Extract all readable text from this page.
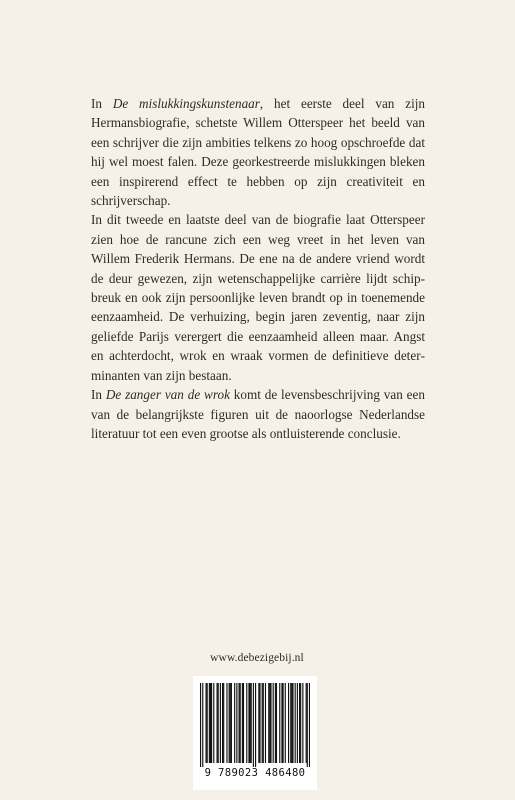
In De mislukkingskunstenaar, het eerste deel van zijn Hermansbiografie, schetste Willem Otterspeer het beeld van een schrijver die zijn ambities telkens zo hoog opschroefde dat hij wel moest falen. Deze georkestreerde mislukkingen bleken een inspirerend effect te hebben op zijn creativiteit en schrijverschap.

In dit tweede en laatste deel van de biografie laat Otterspeer zien hoe de rancune zich een weg vreet in het leven van Willem Frederik Hermans. De ene na de andere vriend wordt de deur gewezen, zijn wetenschappelijke carrière lijdt schipbreuk en ook zijn persoonlijke leven brandt op in toenemende eenzaamheid. De verhuizing, begin jaren zeventig, naar zijn geliefde Parijs verergert die eenzaamheid alleen maar. Angst en achterdocht, wrok en wraak vormen de definitieve determinanten van zijn bestaan.

In De zanger van de wrok komt de levensbeschrijving van een van de belangrijkste figuren uit de naoorlogse Nederlandse literatuur tot een even grootse als ontluisterende conclusie.

www.debezigebij.nl
9 789023 486480
